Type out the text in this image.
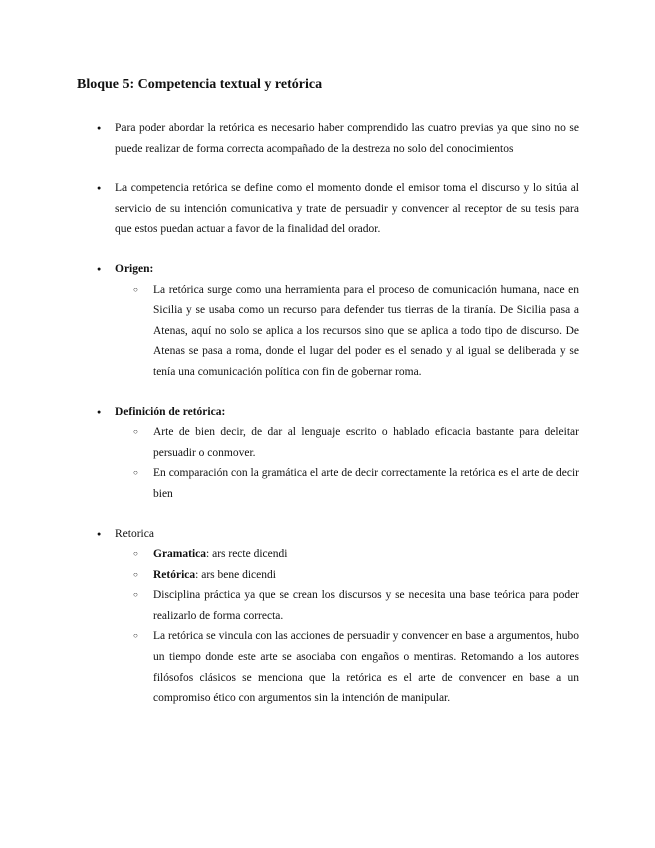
Bloque 5: Competencia textual y retórica
● Para poder abordar la retórica es necesario haber comprendido las cuatro previas ya que sino no se puede realizar de forma correcta acompañado de la destreza no solo del conocimientos
● La competencia retórica se define como el momento donde el emisor toma el discurso y lo sitúa al servicio de su intención comunicativa y trate de persuadir y convencer al receptor de su tesis para que estos puedan actuar a favor de la finalidad del orador.
● Origen:

○ La retórica surge como una herramienta para el proceso de comunicación humana, nace en Sicilia y se usaba como un recurso para defender tus tierras de la tiranía. De Sicilia pasa a Atenas, aquí no solo se aplica a los recursos sino que se aplica a todo tipo de discurso. De Atenas se pasa a roma, donde el lugar del poder es el senado y al igual se deliberada y se tenía una comunicación política con fin de gobernar roma.

● Definición de retórica:

○ Arte de bien decir, de dar al lenguaje escrito o hablado eficacia bastante para deleitar persuadir o conmover.

○ En comparación con la gramática el arte de decir correctamente la retórica es el arte de decir bien

● Retorica

○ Gramatica: ars recte dicendi

○ Retórica: ars bene dicendi

○ Disciplina práctica ya que se crean los discursos y se necesita una base teórica para poder realizarlo de forma correcta.

○ La retórica se vincula con las acciones de persuadir y convencer en base a argumentos, hubo un tiempo donde este arte se asociaba con engaños o mentiras. Retomando a los autores filósofos clásicos se menciona que la retórica es el arte de convencer en base a un compromiso ético con argumentos sin la intención de manipular.
